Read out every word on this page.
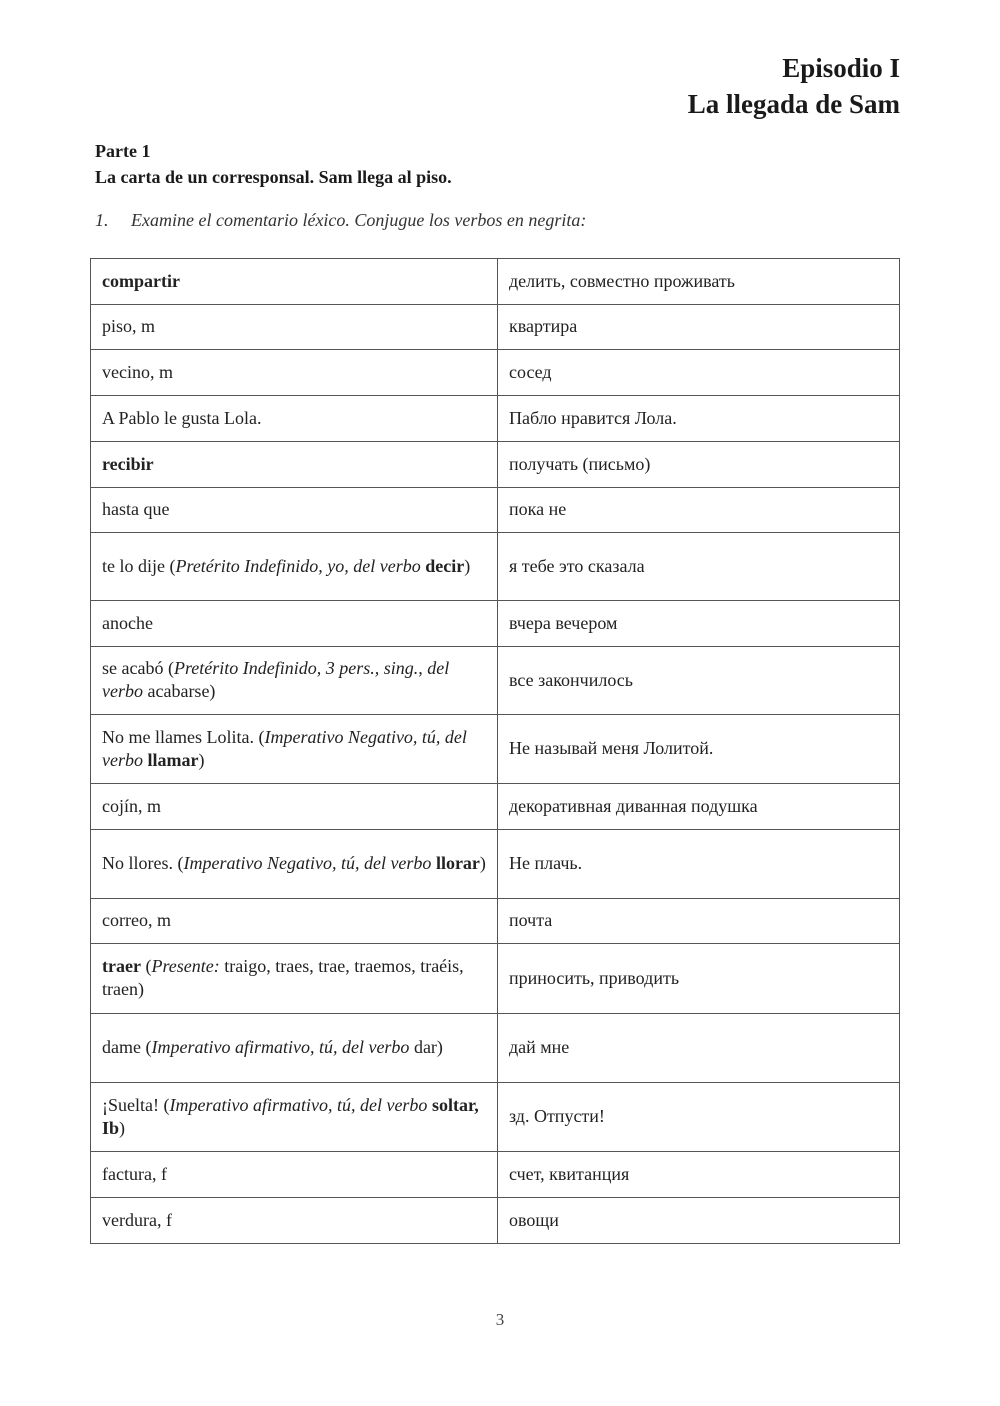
Episodio I
La llegada de Sam
Parte 1
La carta de un corresponsal. Sam llega al piso.
1. Examine el comentario léxico. Conjugue los verbos en negrita:
compartir	делить, совместно проживать
piso, m	квартира
vecino, m	сосед
A Pablo le gusta Lola.	Пабло нравится Лола.
recibir	получать (письмо)
hasta que	пока не
te lo dije (Pretérito Indefinido, yo, del verbo decir)	я тебе это сказала
anoche	вчера вечером
se acabó (Pretérito Indefinido, 3 pers., sing., del verbo acabarse)	все закончилось
No me llames Lolita. (Imperativo Negativo, tú, del verbo llamar)	Не называй меня Лолитой.
cojín, m	декоративная диванная подушка
No llores. (Imperativo Negativo, tú, del verbo llorar)	Не плачь.
correo, m	почта
traer (Presente: traigo, traes, trae, traemos, traéis, traen)	приносить, приводить
dame (Imperativo afirmativo, tú, del verbo dar)	дай мне
¡Suelta! (Imperativo afirmativo, tú, del verbo soltar, Ib)	зд. Отпусти!
factura, f	счет, квитанция
verdura, f	овощи
3
